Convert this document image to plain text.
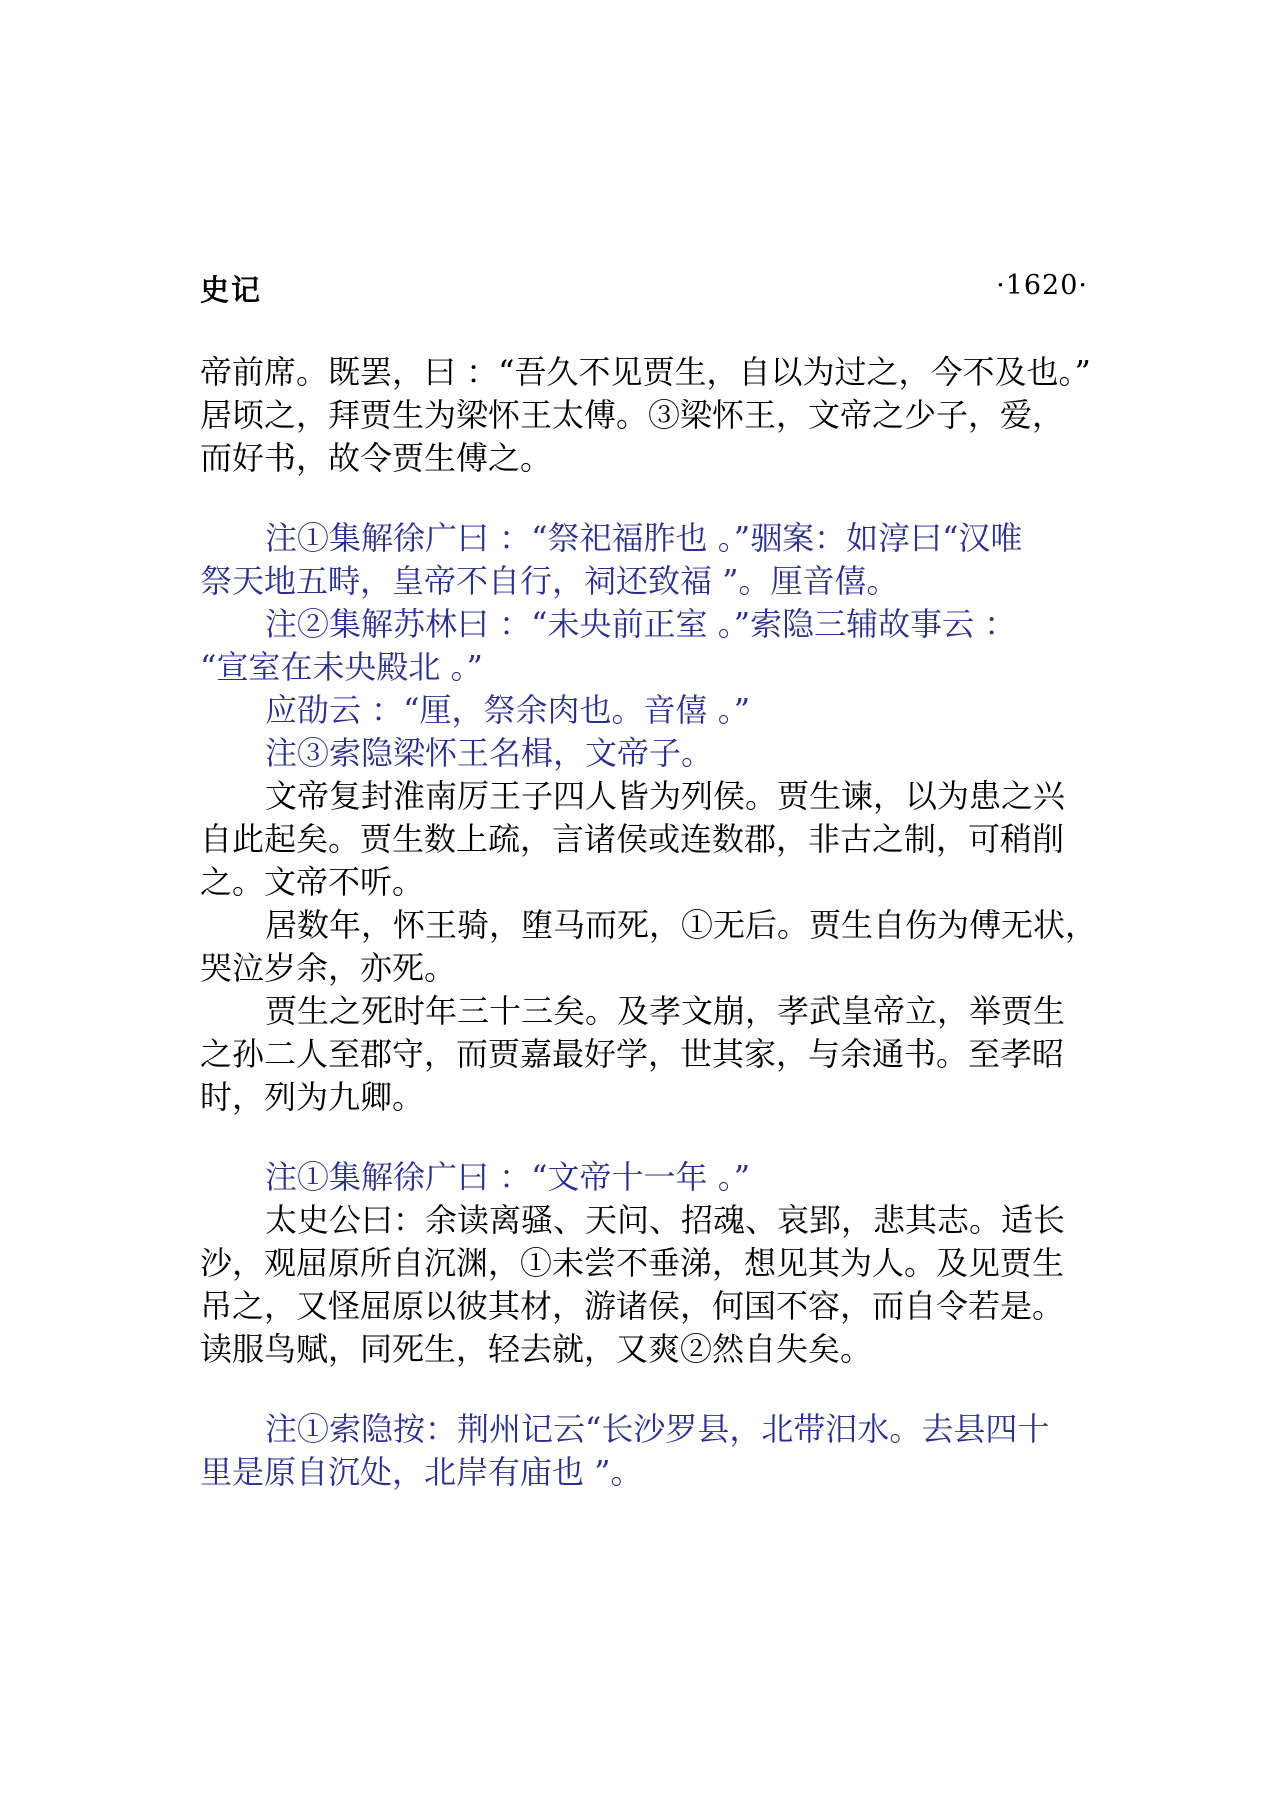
史记	·1620·
帝前席。既罢，曰 ：“吾久不见贾生，自以为过之，今不及也。”
居顷之，拜贾生为梁怀王太傅。③梁怀王，文帝之少子，爱，
而好书，故令贾生傅之。
注①集解徐广曰 ：“祭祀福胙也 。”骃案：如淳曰“汉唯
祭天地五畤，皇帝不自行，祠还致福 ”。厘音僖。
注②集解苏林曰 ：“未央前正室 。”索隐三辅故事云 ：
“宣室在未央殿北 。”
应劭云 ：“厘，祭余肉也。音僖 。”
注③索隐梁怀王名楫，文帝子。
文帝复封淮南厉王子四人皆为列侯。贾生谏，以为患之兴
自此起矣。贾生数上疏，言诸侯或连数郡，非古之制，可稍削
之。文帝不听。
居数年，怀王骑，堕马而死，①无后。贾生自伤为傅无状，
哭泣岁余，亦死。
贾生之死时年三十三矣。及孝文崩，孝武皇帝立，举贾生
之孙二人至郡守，而贾嘉最好学，世其家，与余通书。至孝昭
时，列为九卿。
注①集解徐广曰 ：“文帝十一年 。”
太史公曰：余读离骚、天问、招魂、哀郢，悲其志。适长
沙，观屈原所自沉渊，①未尝不垂涕，想见其为人。及见贾生
吊之，又怪屈原以彼其材，游诸侯，何国不容，而自令若是。
读服鸟赋，同死生，轻去就，又爽②然自失矣。
注①索隐按：荆州记云“长沙罗县，北带汨水。去县四十
里是原自沉处，北岸有庙也 ”。
